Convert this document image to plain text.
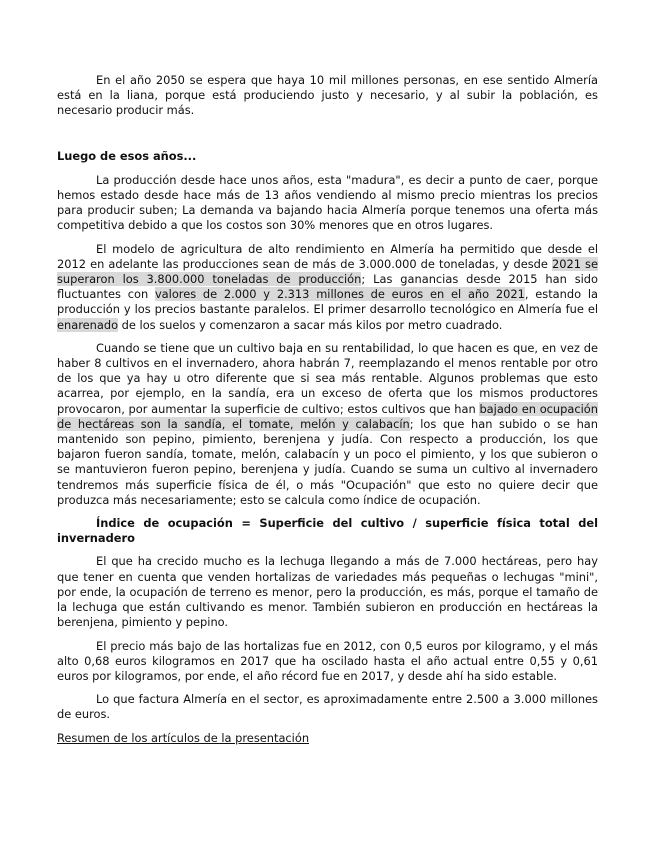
En el año 2050 se espera que haya 10 mil millones personas, en ese sentido Almería está en la liana, porque está produciendo justo y necesario, y al subir la población, es necesario producir más.

Luego de esos años...

La producción desde hace unos años, esta "madura", es decir a punto de caer, porque hemos estado desde hace más de 13 años vendiendo al mismo precio mientras los precios para producir suben; La demanda va bajando hacia Almería porque tenemos una oferta más competitiva debido a que los costos son 30% menores que en otros lugares.

El modelo de agricultura de alto rendimiento en Almería ha permitido que desde el 2012 en adelante las producciones sean de más de 3.000.000 de toneladas, y desde 2021 se superaron los 3.800.000 toneladas de producción; Las ganancias desde 2015 han sido fluctuantes con valores de 2.000 y 2.313 millones de euros en el año 2021, estando la producción y los precios bastante paralelos. El primer desarrollo tecnológico en Almería fue el enarenado de los suelos y comenzaron a sacar más kilos por metro cuadrado.

Cuando se tiene que un cultivo baja en su rentabilidad, lo que hacen es que, en vez de haber 8 cultivos en el invernadero, ahora habrán 7, reemplazando el menos rentable por otro de los que ya hay u otro diferente que si sea más rentable. Algunos problemas que esto acarrea, por ejemplo, en la sandía, era un exceso de oferta que los mismos productores provocaron, por aumentar la superficie de cultivo; estos cultivos que han bajado en ocupación de hectáreas son la sandía, el tomate, melón y calabacín; los que han subido o se han mantenido son pepino, pimiento, berenjena y judía. Con respecto a producción, los que bajaron fueron sandía, tomate, melón, calabacín y un poco el pimiento, y los que subieron o se mantuvieron fueron pepino, berenjena y judía. Cuando se suma un cultivo al invernadero tendremos más superficie física de él, o más "Ocupación" que esto no quiere decir que produzca más necesariamente; esto se calcula como índice de ocupación.

Índice de ocupación = Superficie del cultivo / superficie física total del invernadero

El que ha crecido mucho es la lechuga llegando a más de 7.000 hectáreas, pero hay que tener en cuenta que venden hortalizas de variedades más pequeñas o lechugas "mini", por ende, la ocupación de terreno es menor, pero la producción, es más, porque el tamaño de la lechuga que están cultivando es menor. También subieron en producción en hectáreas la berenjena, pimiento y pepino.

El precio más bajo de las hortalizas fue en 2012, con 0,5 euros por kilogramo, y el más alto 0,68 euros kilogramos en 2017 que ha oscilado hasta el año actual entre 0,55 y 0,61 euros por kilogramos, por ende, el año récord fue en 2017, y desde ahí ha sido estable.

Lo que factura Almería en el sector, es aproximadamente entre 2.500 a 3.000 millones de euros.

Resumen de los artículos de la presentación
